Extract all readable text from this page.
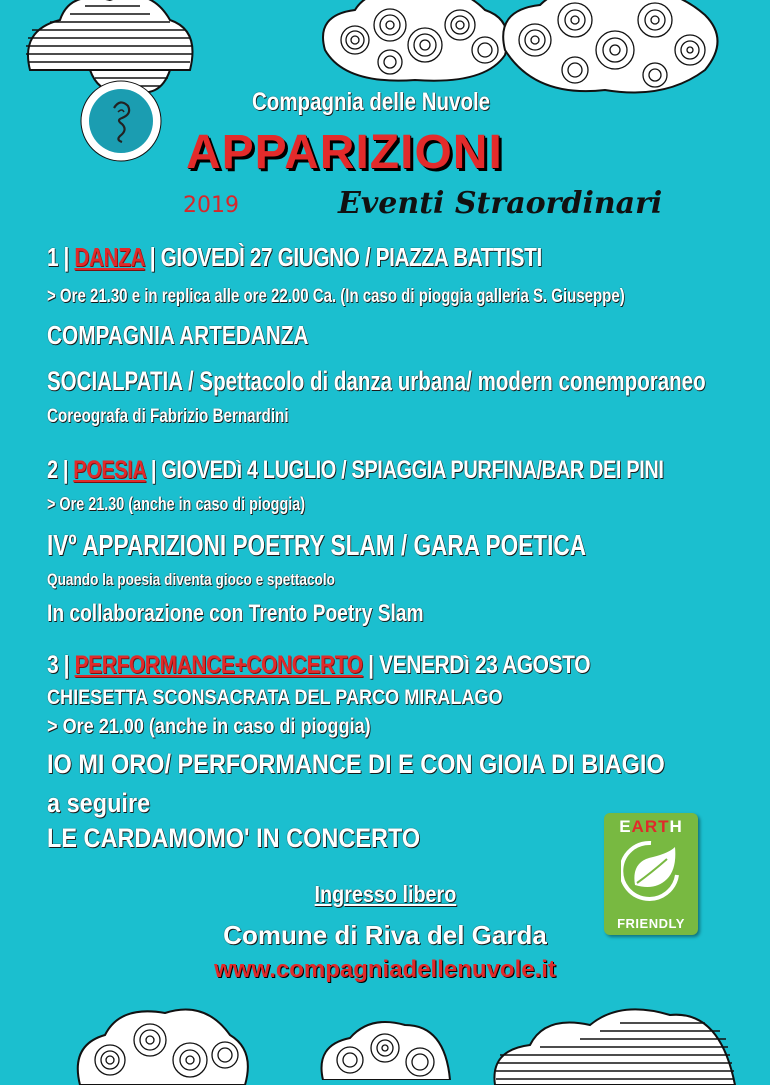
Compagnia delle Nuvole
APPARIZIONI
2019	Eventi Straordinari
1 | DANZA | GIOVEDÌ 27 GIUGNO / PIAZZA BATTISTI
> Ore 21.30 e in replica alle ore 22.00 Ca. (In caso di pioggia galleria S. Giuseppe)
COMPAGNIA ARTEDANZA
SOCIALPATIA / Spettacolo di danza urbana/ modern conemporaneo
Coreografa di Fabrizio Bernardini
2 | POESIA | GIOVEDì 4 LUGLIO / SPIAGGIA PURFINA/BAR DEI PINI
> Ore 21.30 (anche in caso di pioggia)
IVº APPARIZIONI POETRY SLAM / GARA POETICA
Quando la poesia diventa gioco e spettacolo
In collaborazione con Trento Poetry Slam
3 | PERFORMANCE+CONCERTO | VENERDì 23 AGOSTO
CHIESETTA SCONSACRATA DEL PARCO MIRALAGO
> Ore 21.00 (anche in caso di pioggia)
IO MI ORO/ PERFORMANCE DI E CON GIOIA DI BIAGIO
a seguire
LE CARDAMOMO' IN CONCERTO	EARTH
FRIENDLY
Ingresso libero
Comune di Riva del Garda
www.compagniadellenuvole.it
